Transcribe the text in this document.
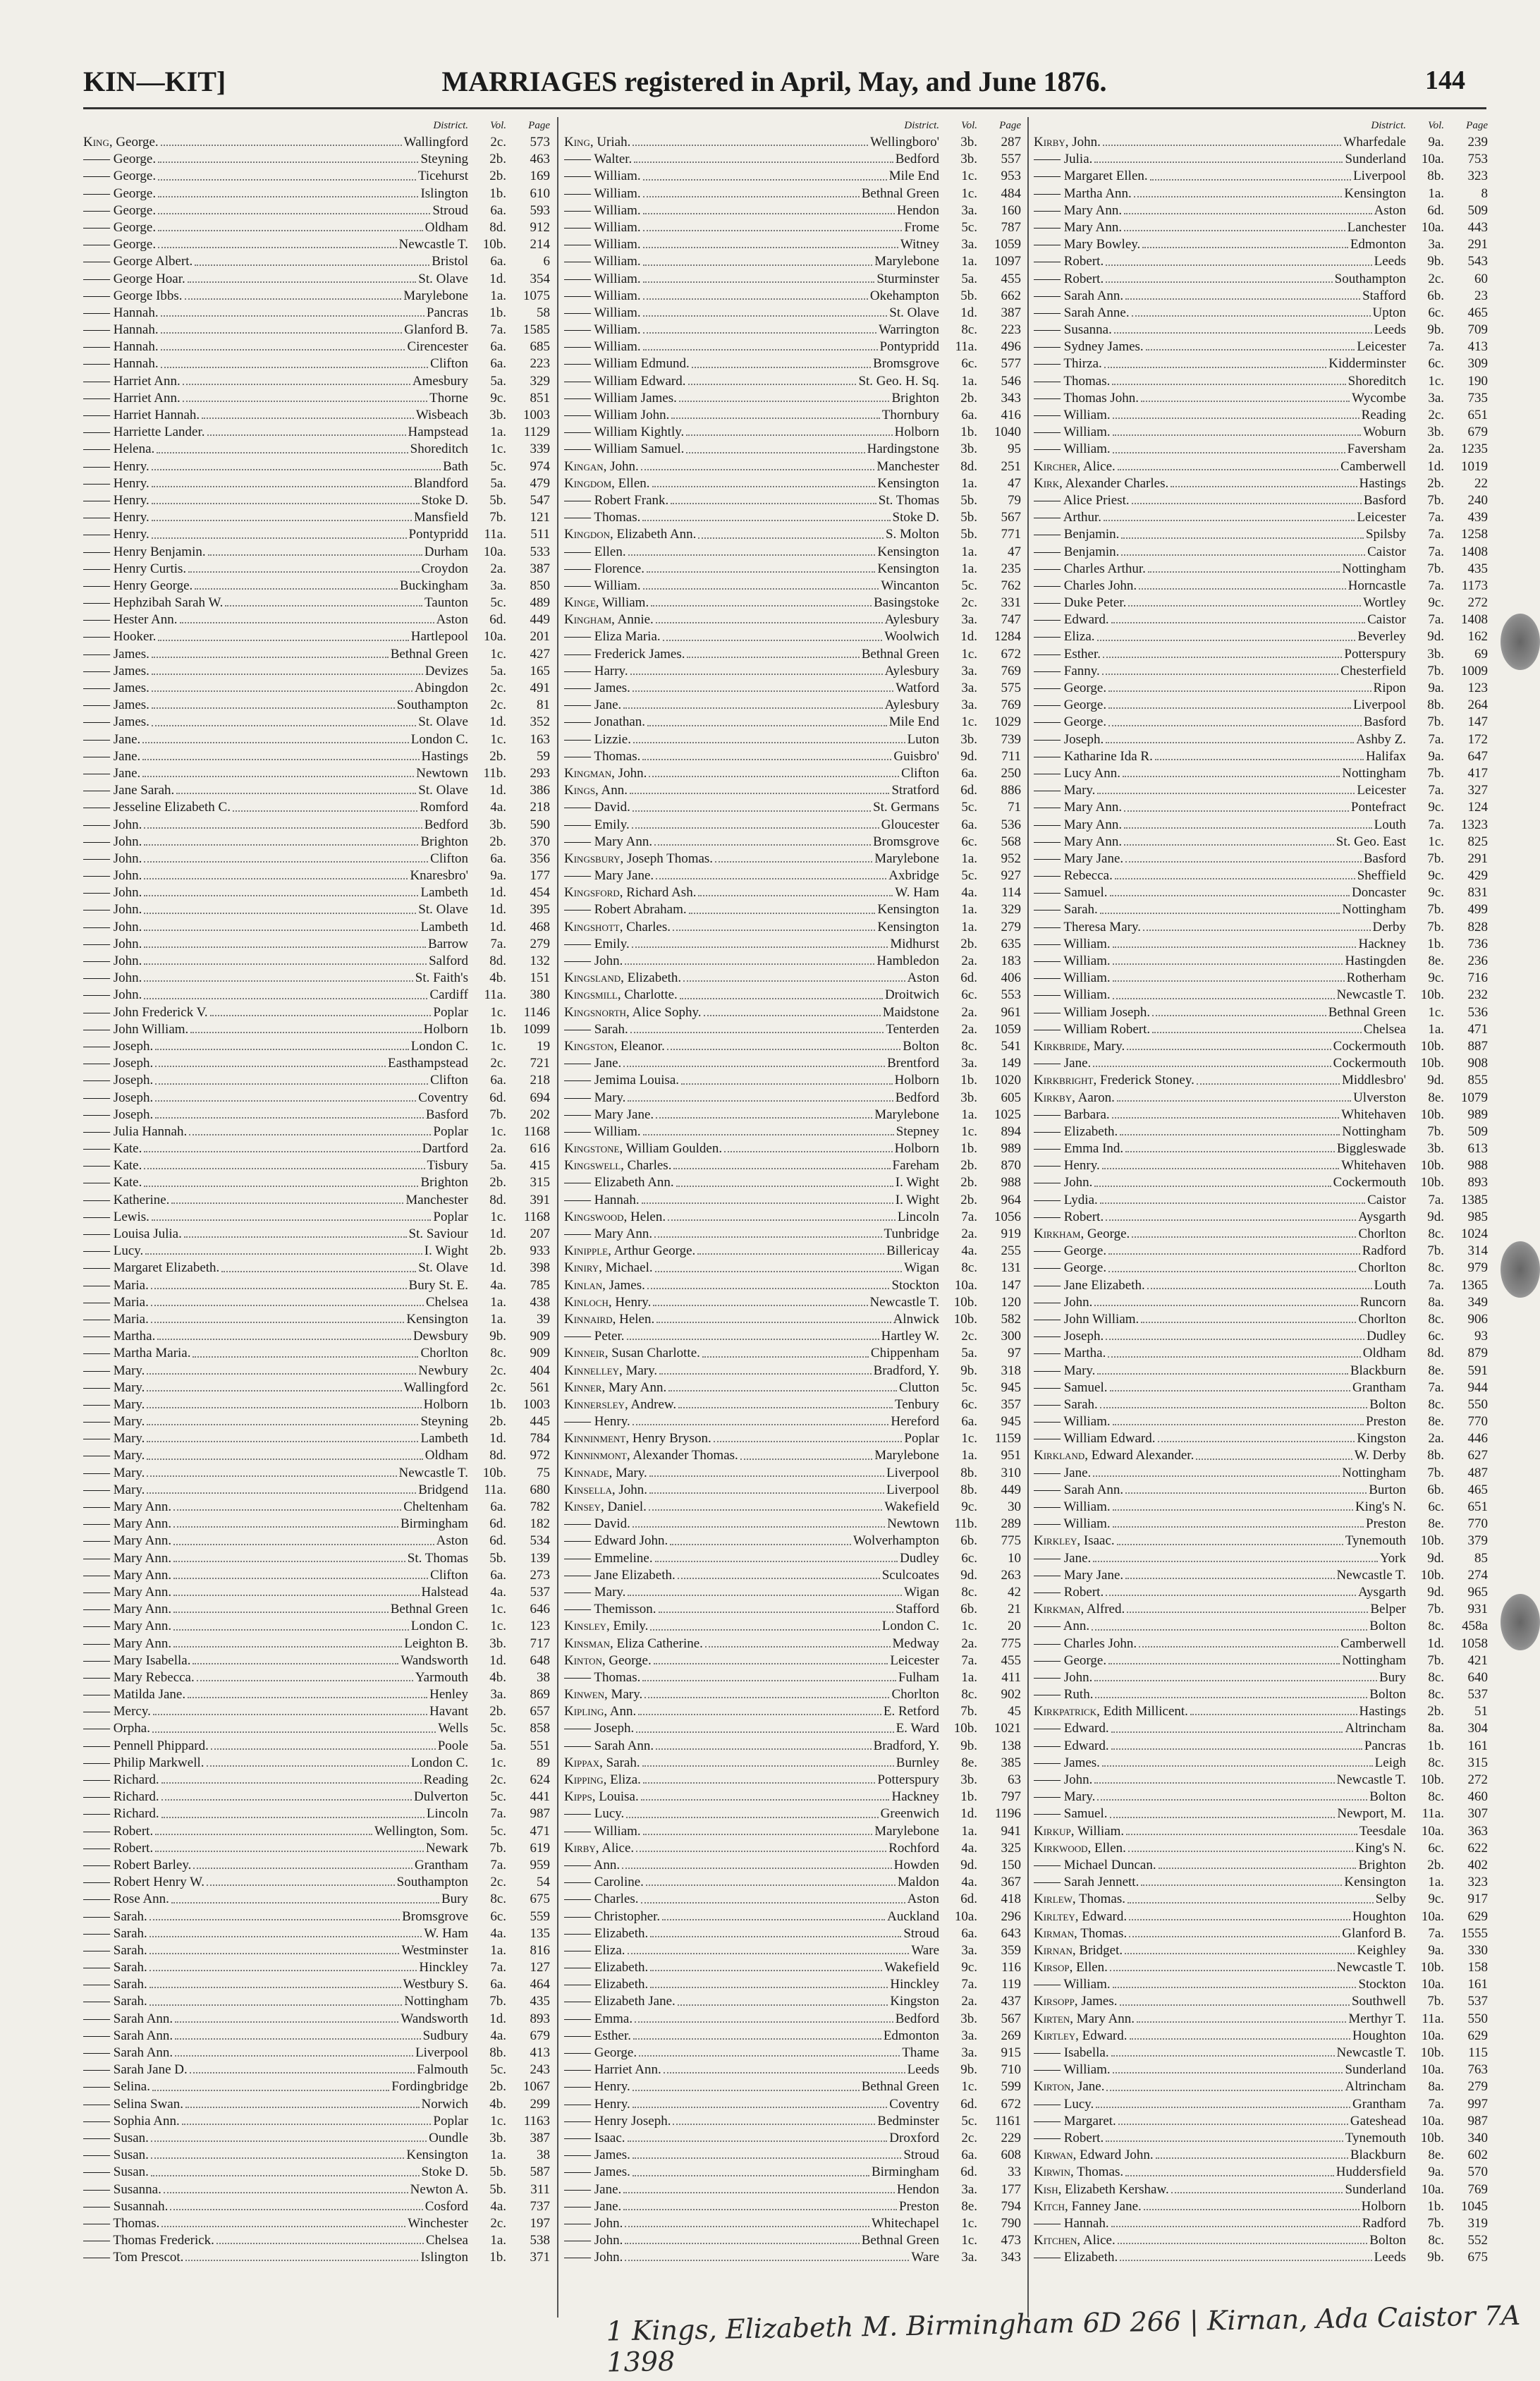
KIN—KIT]	MARRIAGES registered in April, May, and June 1876.	144
District.	Vol.	Page
King, George.	Wallingford	2c.	573
—— George.	Steyning	2b.	463
—— George.	Ticehurst	2b.	169
—— George.	Islington	1b.	610
—— George.	Stroud	6a.	593
—— George.	Oldham	8d.	912
—— George.	Newcastle T.	10b.	214
—— George Albert.	Bristol	6a.	6
—— George Hoar.	St. Olave	1d.	354
—— George Ibbs.	Marylebone	1a.	1075
—— Hannah.	Pancras	1b.	58
—— Hannah.	Glanford B.	7a.	1585
—— Hannah.	Cirencester	6a.	685
—— Hannah.	Clifton	6a.	223
—— Harriet Ann.	Amesbury	5a.	329
—— Harriet Ann.	Thorne	9c.	851
—— Harriet Hannah.	Wisbeach	3b.	1003
—— Harriette Lander.	Hampstead	1a.	1129
—— Helena.	Shoreditch	1c.	339
—— Henry.	Bath	5c.	974
—— Henry.	Blandford	5a.	479
—— Henry.	Stoke D.	5b.	547
—— Henry.	Mansfield	7b.	121
—— Henry.	Pontypridd	11a.	511
—— Henry Benjamin.	Durham	10a.	533
—— Henry Curtis.	Croydon	2a.	387
—— Henry George.	Buckingham	3a.	850
—— Hephzibah Sarah W.	Taunton	5c.	489
—— Hester Ann.	Aston	6d.	449
—— Hooker.	Hartlepool	10a.	201
—— James.	Bethnal Green	1c.	427
—— James.	Devizes	5a.	165
—— James.	Abingdon	2c.	491
—— James.	Southampton	2c.	81
—— James.	St. Olave	1d.	352
—— Jane.	London C.	1c.	163
—— Jane.	Hastings	2b.	59
—— Jane.	Newtown	11b.	293
—— Jane Sarah.	St. Olave	1d.	386
—— Jesseline Elizabeth C.	Romford	4a.	218
—— John.	Bedford	3b.	590
—— John.	Brighton	2b.	370
—— John.	Clifton	6a.	356
—— John.	Knaresbro'	9a.	177
—— John.	Lambeth	1d.	454
—— John.	St. Olave	1d.	395
—— John.	Lambeth	1d.	468
—— John.	Barrow	7a.	279
—— John.	Salford	8d.	132
—— John.	St. Faith's	4b.	151
—— John.	Cardiff	11a.	380
—— John Frederick V.	Poplar	1c.	1146
—— John William.	Holborn	1b.	1099
—— Joseph.	London C.	1c.	19
—— Joseph.	Easthampstead	2c.	721
—— Joseph.	Clifton	6a.	218
—— Joseph.	Coventry	6d.	694
—— Joseph.	Basford	7b.	202
—— Julia Hannah.	Poplar	1c.	1168
—— Kate.	Dartford	2a.	616
—— Kate.	Tisbury	5a.	415
—— Kate.	Brighton	2b.	315
—— Katherine.	Manchester	8d.	391
—— Lewis.	Poplar	1c.	1168
—— Louisa Julia.	St. Saviour	1d.	207
—— Lucy.	I. Wight	2b.	933
—— Margaret Elizabeth.	St. Olave	1d.	398
—— Maria.	Bury St. E.	4a.	785
—— Maria.	Chelsea	1a.	438
—— Maria.	Kensington	1a.	39
—— Martha.	Dewsbury	9b.	909
—— Martha Maria.	Chorlton	8c.	909
—— Mary.	Newbury	2c.	404
—— Mary.	Wallingford	2c.	561
—— Mary.	Holborn	1b.	1003
—— Mary.	Steyning	2b.	445
—— Mary.	Lambeth	1d.	784
—— Mary.	Oldham	8d.	972
—— Mary.	Newcastle T.	10b.	75
—— Mary.	Bridgend	11a.	680
—— Mary Ann.	Cheltenham	6a.	782
—— Mary Ann.	Birmingham	6d.	182
—— Mary Ann.	Aston	6d.	534
—— Mary Ann.	St. Thomas	5b.	139
—— Mary Ann.	Clifton	6a.	273
—— Mary Ann.	Halstead	4a.	537
—— Mary Ann.	Bethnal Green	1c.	646
—— Mary Ann.	London C.	1c.	123
—— Mary Ann.	Leighton B.	3b.	717
—— Mary Isabella.	Wandsworth	1d.	648
—— Mary Rebecca.	Yarmouth	4b.	38
—— Matilda Jane.	Henley	3a.	869
—— Mercy.	Havant	2b.	657
—— Orpha.	Wells	5c.	858
—— Pennell Phippard.	Poole	5a.	551
—— Philip Markwell.	London C.	1c.	89
—— Richard.	Reading	2c.	624
—— Richard.	Dulverton	5c.	441
—— Richard.	Lincoln	7a.	987
—— Robert.	Wellington, Som.	5c.	471
—— Robert.	Newark	7b.	619
—— Robert Barley.	Grantham	7a.	959
—— Robert Henry W.	Southampton	2c.	54
—— Rose Ann.	Bury	8c.	675
—— Sarah.	Bromsgrove	6c.	559
—— Sarah.	W. Ham	4a.	135
—— Sarah.	Westminster	1a.	816
—— Sarah.	Hinckley	7a.	127
—— Sarah.	Westbury S.	6a.	464
—— Sarah.	Nottingham	7b.	435
—— Sarah Ann.	Wandsworth	1d.	893
—— Sarah Ann.	Sudbury	4a.	679
—— Sarah Ann.	Liverpool	8b.	413
—— Sarah Jane D.	Falmouth	5c.	243
—— Selina.	Fordingbridge	2b.	1067
—— Selina Swan.	Norwich	4b.	299
—— Sophia Ann.	Poplar	1c.	1163
—— Susan.	Oundle	3b.	387
—— Susan.	Kensington	1a.	38
—— Susan.	Stoke D.	5b.	587
—— Susanna.	Newton A.	5b.	311
—— Susannah.	Cosford	4a.	737
—— Thomas.	Winchester	2c.	197
—— Thomas Frederick.	Chelsea	1a.	538
—— Tom Prescot.	Islington	1b.	371
District.	Vol.	Page
King, Uriah.	Wellingboro'	3b.	287
—— Walter.	Bedford	3b.	557
—— William.	Mile End	1c.	953
—— William.	Bethnal Green	1c.	484
—— William.	Hendon	3a.	160
—— William.	Frome	5c.	787
—— William.	Witney	3a.	1059
—— William.	Marylebone	1a.	1097
—— William.	Sturminster	5a.	455
—— William.	Okehampton	5b.	662
—— William.	St. Olave	1d.	387
—— William.	Warrington	8c.	223
—— William.	Pontypridd	11a.	496
—— William Edmund.	Bromsgrove	6c.	577
—— William Edward.	St. Geo. H. Sq.	1a.	546
—— William James.	Brighton	2b.	343
—— William John.	Thornbury	6a.	416
—— William Kightly.	Holborn	1b.	1040
—— William Samuel.	Hardingstone	3b.	95
Kingan, John.	Manchester	8d.	251
Kingdom, Ellen.	Kensington	1a.	47
—— Robert Frank.	St. Thomas	5b.	79
—— Thomas.	Stoke D.	5b.	567
Kingdon, Elizabeth Ann.	S. Molton	5b.	771
—— Ellen.	Kensington	1a.	47
—— Florence.	Kensington	1a.	235
—— William.	Wincanton	5c.	762
Kinge, William.	Basingstoke	2c.	331
Kingham, Annie.	Aylesbury	3a.	747
—— Eliza Maria.	Woolwich	1d.	1284
—— Frederick James.	Bethnal Green	1c.	672
—— Harry.	Aylesbury	3a.	769
—— James.	Watford	3a.	575
—— Jane.	Aylesbury	3a.	769
—— Jonathan.	Mile End	1c.	1029
—— Lizzie.	Luton	3b.	739
—— Thomas.	Guisbro'	9d.	711
Kingman, John.	Clifton	6a.	250
Kings, Ann.	Stratford	6d.	886
—— David.	St. Germans	5c.	71
—— Emily.	Gloucester	6a.	536
—— Mary Ann.	Bromsgrove	6c.	568
Kingsbury, Joseph Thomas.	Marylebone	1a.	952
—— Mary Jane.	Axbridge	5c.	927
Kingsford, Richard Ash.	W. Ham	4a.	114
—— Robert Abraham.	Kensington	1a.	329
Kingshott, Charles.	Kensington	1a.	279
—— Emily.	Midhurst	2b.	635
—— John.	Hambledon	2a.	183
Kingsland, Elizabeth.	Aston	6d.	406
Kingsmill, Charlotte.	Droitwich	6c.	553
Kingsnorth, Alice Sophy.	Maidstone	2a.	961
—— Sarah.	Tenterden	2a.	1059
Kingston, Eleanor.	Bolton	8c.	541
—— Jane.	Brentford	3a.	149
—— Jemima Louisa.	Holborn	1b.	1020
—— Mary.	Bedford	3b.	605
—— Mary Jane.	Marylebone	1a.	1025
—— William.	Stepney	1c.	894
Kingstone, William Goulden.	Holborn	1b.	989
Kingswell, Charles.	Fareham	2b.	870
—— Elizabeth Ann.	I. Wight	2b.	988
—— Hannah.	I. Wight	2b.	964
Kingswood, Helen.	Lincoln	7a.	1056
—— Mary Ann.	Tunbridge	2a.	919
Kinipple, Arthur George.	Billericay	4a.	255
Kiniry, Michael.	Wigan	8c.	131
Kinlan, James.	Stockton	10a.	147
Kinloch, Henry.	Newcastle T.	10b.	120
Kinnaird, Helen.	Alnwick	10b.	582
—— Peter.	Hartley W.	2c.	300
Kinneir, Susan Charlotte.	Chippenham	5a.	97
Kinnelley, Mary.	Bradford, Y.	9b.	318
Kinner, Mary Ann.	Clutton	5c.	945
Kinnersley, Andrew.	Tenbury	6c.	357
—— Henry.	Hereford	6a.	945
Kinninment, Henry Bryson.	Poplar	1c.	1159
Kinninmont, Alexander Thomas.	Marylebone	1a.	951
Kinnade, Mary.	Liverpool	8b.	310
Kinsella, John.	Liverpool	8b.	449
Kinsey, Daniel.	Wakefield	9c.	30
—— David.	Newtown	11b.	289
—— Edward John.	Wolverhampton	6b.	775
—— Emmeline.	Dudley	6c.	10
—— Jane Elizabeth.	Sculcoates	9d.	263
—— Mary.	Wigan	8c.	42
—— Themisson.	Stafford	6b.	21
Kinsley, Emily.	London C.	1c.	20
Kinsman, Eliza Catherine.	Medway	2a.	775
Kinton, George.	Leicester	7a.	455
—— Thomas.	Fulham	1a.	411
Kinwen, Mary.	Chorlton	8c.	902
Kipling, Ann.	E. Retford	7b.	45
—— Joseph.	E. Ward	10b.	1021
—— Sarah Ann.	Bradford, Y.	9b.	138
Kippax, Sarah.	Burnley	8e.	385
Kipping, Eliza.	Potterspury	3b.	63
Kipps, Louisa.	Hackney	1b.	797
—— Lucy.	Greenwich	1d.	1196
—— William.	Marylebone	1a.	941
Kirby, Alice.	Rochford	4a.	325
—— Ann.	Howden	9d.	150
—— Caroline.	Maldon	4a.	367
—— Charles.	Aston	6d.	418
—— Christopher.	Auckland	10a.	296
—— Elizabeth.	Stroud	6a.	643
—— Eliza.	Ware	3a.	359
—— Elizabeth.	Wakefield	9c.	116
—— Elizabeth.	Hinckley	7a.	119
—— Elizabeth Jane.	Kingston	2a.	437
—— Emma.	Bedford	3b.	567
—— Esther.	Edmonton	3a.	269
—— George.	Thame	3a.	915
—— Harriet Ann.	Leeds	9b.	710
—— Henry.	Bethnal Green	1c.	599
—— Henry.	Coventry	6d.	672
—— Henry Joseph.	Bedminster	5c.	1161
—— Isaac.	Droxford	2c.	229
—— James.	Stroud	6a.	608
—— James.	Birmingham	6d.	33
—— Jane.	Hendon	3a.	177
—— Jane.	Preston	8e.	794
—— John.	Whitechapel	1c.	790
—— John.	Bethnal Green	1c.	473
—— John.	Ware	3a.	343
District.	Vol.	Page
Kirby, John.	Wharfedale	9a.	239
—— Julia.	Sunderland	10a.	753
—— Margaret Ellen.	Liverpool	8b.	323
—— Martha Ann.	Kensington	1a.	8
—— Mary Ann.	Aston	6d.	509
—— Mary Ann.	Lanchester	10a.	443
—— Mary Bowley.	Edmonton	3a.	291
—— Robert.	Leeds	9b.	543
—— Robert.	Southampton	2c.	60
—— Sarah Ann.	Stafford	6b.	23
—— Sarah Anne.	Upton	6c.	465
—— Susanna.	Leeds	9b.	709
—— Sydney James.	Leicester	7a.	413
—— Thirza.	Kidderminster	6c.	309
—— Thomas.	Shoreditch	1c.	190
—— Thomas John.	Wycombe	3a.	735
—— William.	Reading	2c.	651
—— William.	Woburn	3b.	679
—— William.	Faversham	2a.	1235
Kircher, Alice.	Camberwell	1d.	1019
Kirk, Alexander Charles.	Hastings	2b.	22
—— Alice Priest.	Basford	7b.	240
—— Arthur.	Leicester	7a.	439
—— Benjamin.	Spilsby	7a.	1258
—— Benjamin.	Caistor	7a.	1408
—— Charles Arthur.	Nottingham	7b.	435
—— Charles John.	Horncastle	7a.	1173
—— Duke Peter.	Wortley	9c.	272
—— Edward.	Caistor	7a.	1408
—— Eliza.	Beverley	9d.	162
—— Esther.	Potterspury	3b.	69
—— Fanny.	Chesterfield	7b.	1009
—— George.	Ripon	9a.	123
—— George.	Liverpool	8b.	264
—— George.	Basford	7b.	147
—— Joseph.	Ashby Z.	7a.	172
—— Katharine Ida R.	Halifax	9a.	647
—— Lucy Ann.	Nottingham	7b.	417
—— Mary.	Leicester	7a.	327
—— Mary Ann.	Pontefract	9c.	124
—— Mary Ann.	Louth	7a.	1323
—— Mary Ann.	St. Geo. East	1c.	825
—— Mary Jane.	Basford	7b.	291
—— Rebecca.	Sheffield	9c.	429
—— Samuel.	Doncaster	9c.	831
—— Sarah.	Nottingham	7b.	499
—— Theresa Mary.	Derby	7b.	828
—— William.	Hackney	1b.	736
—— William.	Hastingden	8e.	236
—— William.	Rotherham	9c.	716
—— William.	Newcastle T.	10b.	232
—— William Joseph.	Bethnal Green	1c.	536
—— William Robert.	Chelsea	1a.	471
Kirkbride, Mary.	Cockermouth	10b.	887
—— Jane.	Cockermouth	10b.	908
Kirkbright, Frederick Stoney.	Middlesbro'	9d.	855
Kirkby, Aaron.	Ulverston	8e.	1079
—— Barbara.	Whitehaven	10b.	989
—— Elizabeth.	Nottingham	7b.	509
—— Emma Ind.	Biggleswade	3b.	613
—— Henry.	Whitehaven	10b.	988
—— John.	Cockermouth	10b.	893
—— Lydia.	Caistor	7a.	1385
—— Robert.	Aysgarth	9d.	985
Kirkham, George.	Chorlton	8c.	1024
—— George.	Radford	7b.	314
—— George.	Chorlton	8c.	979
—— Jane Elizabeth.	Louth	7a.	1365
—— John.	Runcorn	8a.	349
—— John William.	Chorlton	8c.	906
—— Joseph.	Dudley	6c.	93
—— Martha.	Oldham	8d.	879
—— Mary.	Blackburn	8e.	591
—— Samuel.	Grantham	7a.	944
—— Sarah.	Bolton	8c.	550
—— William.	Preston	8e.	770
—— William Edward.	Kingston	2a.	446
Kirkland, Edward Alexander.	W. Derby	8b.	627
—— Jane.	Nottingham	7b.	487
—— Sarah Ann.	Burton	6b.	465
—— William.	King's N.	6c.	651
—— William.	Preston	8e.	770
Kirkley, Isaac.	Tynemouth	10b.	379
—— Jane.	York	9d.	85
—— Mary Jane.	Newcastle T.	10b.	274
—— Robert.	Aysgarth	9d.	965
Kirkman, Alfred.	Belper	7b.	931
—— Ann.	Bolton	8c.	458a
—— Charles John.	Camberwell	1d.	1058
—— George.	Nottingham	7b.	421
—— John.	Bury	8c.	640
—— Ruth.	Bolton	8c.	537
Kirkpatrick, Edith Millicent.	Hastings	2b.	51
—— Edward.	Altrincham	8a.	304
—— Edward.	Pancras	1b.	161
—— James.	Leigh	8c.	315
—— John.	Newcastle T.	10b.	272
—— Mary.	Bolton	8c.	460
—— Samuel.	Newport, M.	11a.	307
Kirkup, William.	Teesdale	10a.	363
Kirkwood, Ellen.	King's N.	6c.	622
—— Michael Duncan.	Brighton	2b.	402
—— Sarah Jennett.	Kensington	1a.	323
Kirlew, Thomas.	Selby	9c.	917
Kirltey, Edward.	Houghton	10a.	629
Kirman, Thomas.	Glanford B.	7a.	1555
Kirnan, Bridget.	Keighley	9a.	330
Kirsop, Ellen.	Newcastle T.	10b.	158
—— William.	Stockton	10a.	161
Kirsopp, James.	Southwell	7b.	537
Kirten, Mary Ann.	Merthyr T.	11a.	550
Kirtley, Edward.	Houghton	10a.	629
—— Isabella.	Newcastle T.	10b.	115
—— William.	Sunderland	10a.	763
Kirton, Jane.	Altrincham	8a.	279
—— Lucy.	Grantham	7a.	997
—— Margaret.	Gateshead	10a.	987
—— Robert.	Tynemouth	10b.	340
Kirwan, Edward John.	Blackburn	8e.	602
Kirwin, Thomas.	Huddersfield	9a.	570
Kish, Elizabeth Kershaw.	Sunderland	10a.	769
Kitch, Fanney Jane.	Holborn	1b.	1045
—— Hannah.	Radford	7b.	319
Kitchen, Alice.	Bolton	8c.	552
—— Elizabeth.	Leeds	9b.	675
1 Kings, Elizabeth M. Birmingham 6D 266 | Kirnan, Ada Caistor 7A 1398
